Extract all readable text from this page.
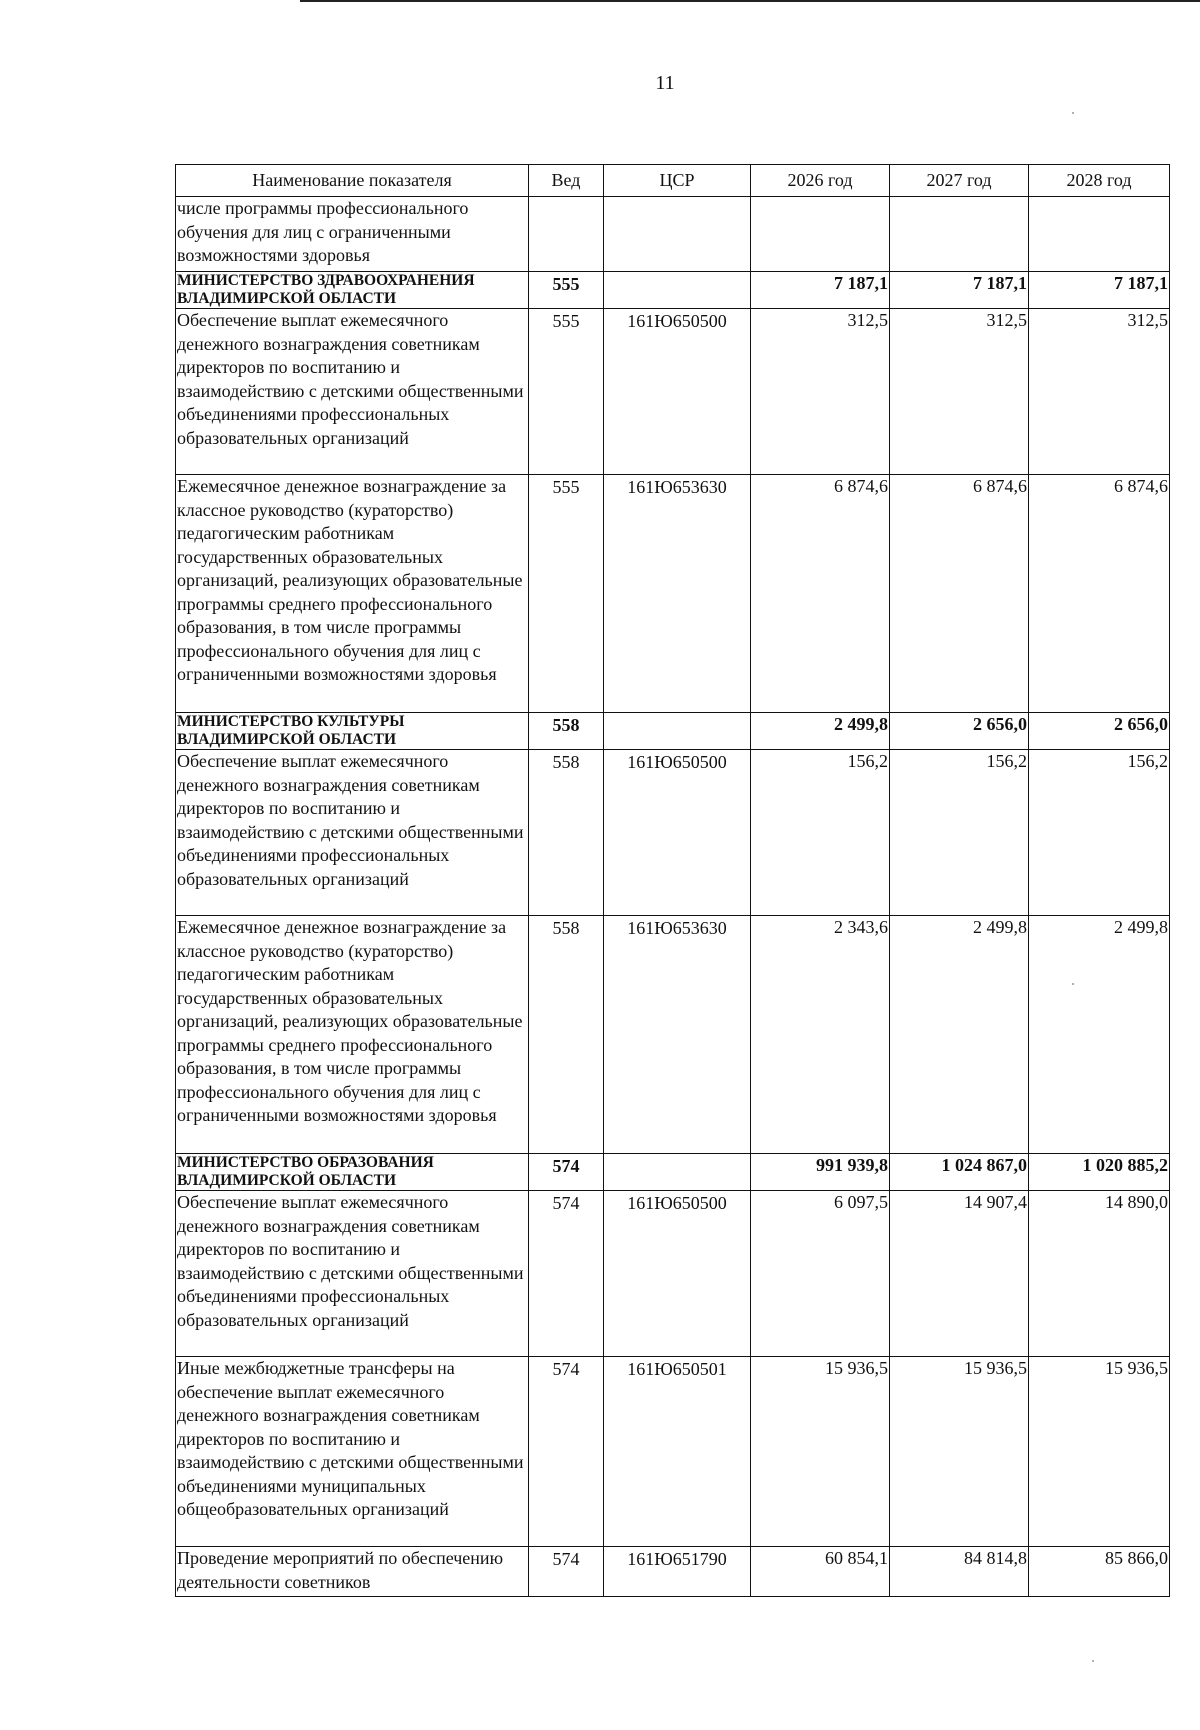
11
Наименование показателя	Вед	ЦСР	2026 год	2027 год	2028 год
числе программы профессионального обучения для лиц с ограниченными возможностями здоровья					
МИНИСТЕРСТВО ЗДРАВООХРАНЕНИЯ ВЛАДИМИРСКОЙ ОБЛАСТИ	555		7 187,1	7 187,1	7 187,1
Обеспечение выплат ежемесячного денежного вознаграждения советникам директоров по воспитанию и взаимодействию с детскими общественными объединениями профессиональных образовательных организаций	555	161Ю650500	312,5	312,5	312,5
Ежемесячное денежное вознаграждение за классное руководство (кураторство) педагогическим работникам государственных образовательных организаций, реализующих образовательные программы среднего профессионального образования, в том числе программы профессионального обучения для лиц с ограниченными возможностями здоровья	555	161Ю653630	6 874,6	6 874,6	6 874,6
МИНИСТЕРСТВО КУЛЬТУРЫ ВЛАДИМИРСКОЙ ОБЛАСТИ	558		2 499,8	2 656,0	2 656,0
Обеспечение выплат ежемесячного денежного вознаграждения советникам директоров по воспитанию и взаимодействию с детскими общественными объединениями профессиональных образовательных организаций	558	161Ю650500	156,2	156,2	156,2
Ежемесячное денежное вознаграждение за классное руководство (кураторство) педагогическим работникам государственных образовательных организаций, реализующих образовательные программы среднего профессионального образования, в том числе программы профессионального обучения для лиц с ограниченными возможностями здоровья	558	161Ю653630	2 343,6	2 499,8	2 499,8
МИНИСТЕРСТВО ОБРАЗОВАНИЯ ВЛАДИМИРСКОЙ ОБЛАСТИ	574		991 939,8	1 024 867,0	1 020 885,2
Обеспечение выплат ежемесячного денежного вознаграждения советникам директоров по воспитанию и взаимодействию с детскими общественными объединениями профессиональных образовательных организаций	574	161Ю650500	6 097,5	14 907,4	14 890,0
Иные межбюджетные трансферы на обеспечение выплат ежемесячного денежного вознаграждения советникам директоров по воспитанию и взаимодействию с детскими общественными объединениями муниципальных общеобразовательных организаций	574	161Ю650501	15 936,5	15 936,5	15 936,5
Проведение мероприятий по обеспечению деятельности советников	574	161Ю651790	60 854,1	84 814,8	85 866,0
